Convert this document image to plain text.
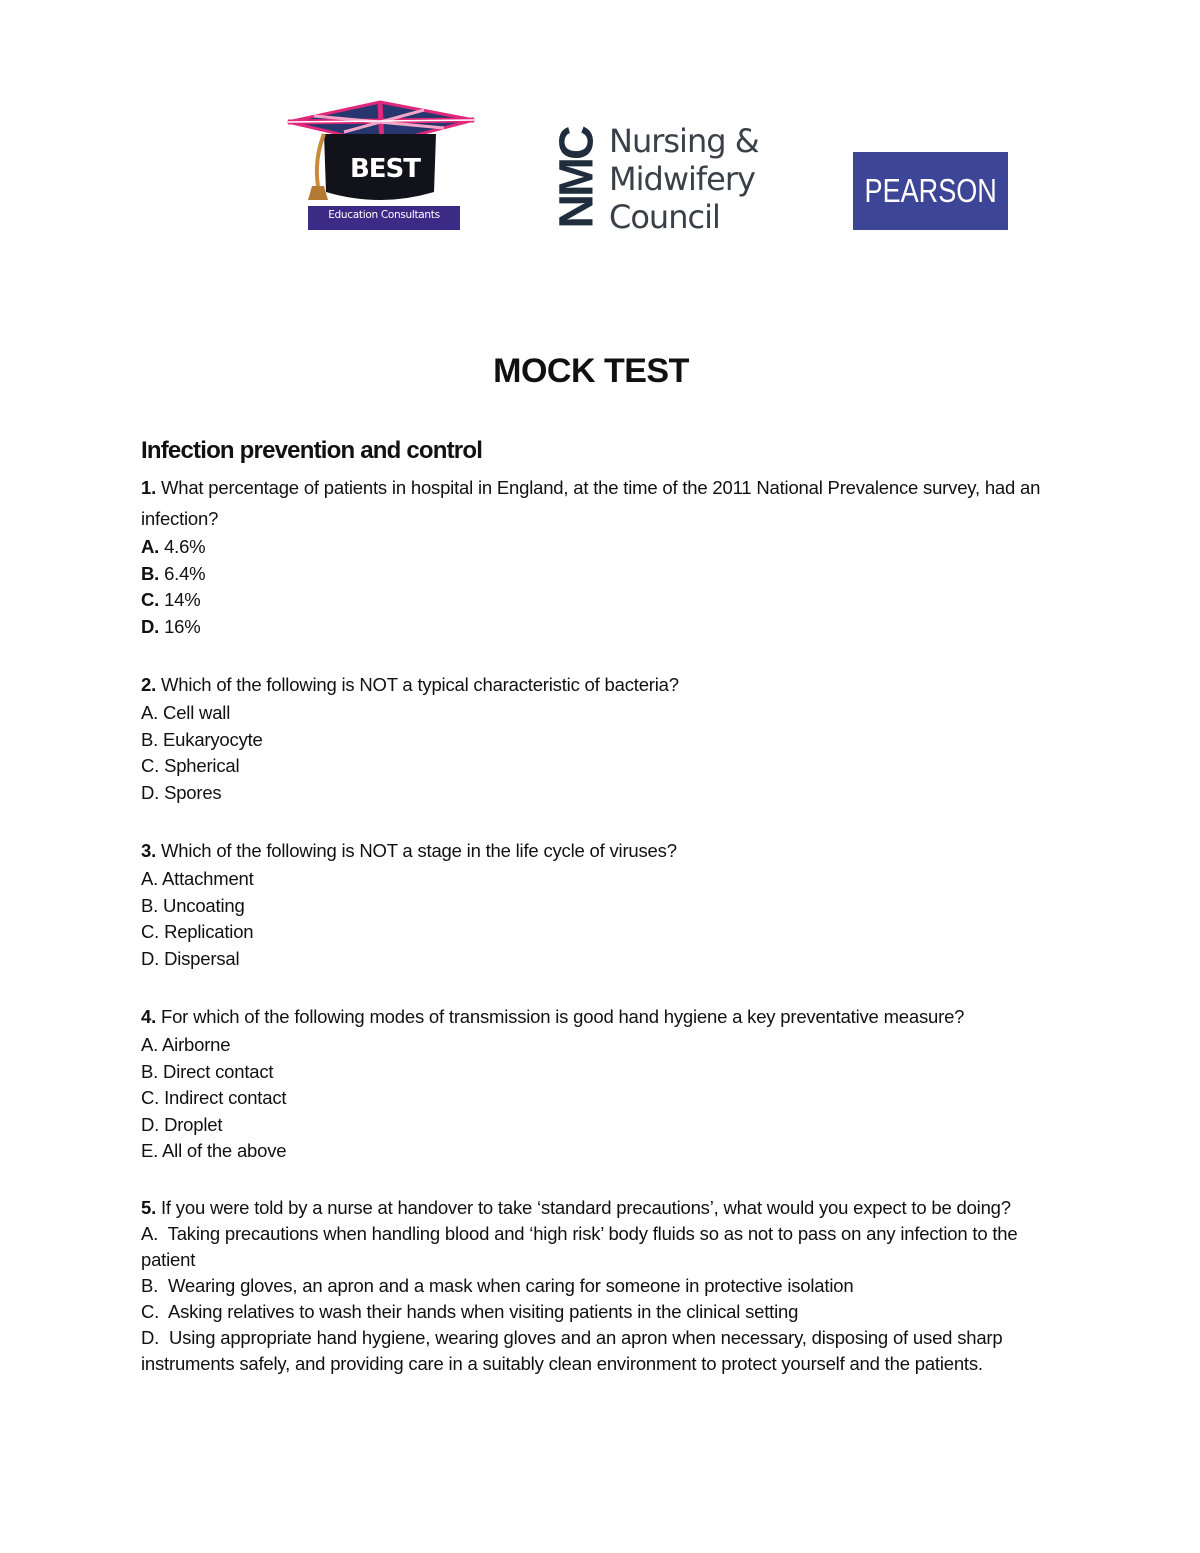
BEST
Education Consultants	NMC Nursing &
Midwifery
Council
PEARSON
MOCK TEST
Infection prevention and control
1. What percentage of patients in hospital in England, at the time of the 2011 National Prevalence survey, had an infection?
A. 4.6%
B. 6.4%
C. 14%
D. 16%
2. Which of the following is NOT a typical characteristic of bacteria?
A. Cell wall
B. Eukaryocyte
C. Spherical
D. Spores
3. Which of the following is NOT a stage in the life cycle of viruses?
A. Attachment
B. Uncoating
C. Replication
D. Dispersal
4. For which of the following modes of transmission is good hand hygiene a key preventative measure?
A. Airborne
B. Direct contact
C. Indirect contact
D. Droplet
E. All of the above
5. If you were told by a nurse at handover to take ‘standard precautions’, what would you expect to be doing?
A. Taking precautions when handling blood and ‘high risk’ body fluids so as not to pass on any infection to the patient
B. Wearing gloves, an apron and a mask when caring for someone in protective isolation
C. Asking relatives to wash their hands when visiting patients in the clinical setting
D. Using appropriate hand hygiene, wearing gloves and an apron when necessary, disposing of used sharp instruments safely, and providing care in a suitably clean environment to protect yourself and the patients.
